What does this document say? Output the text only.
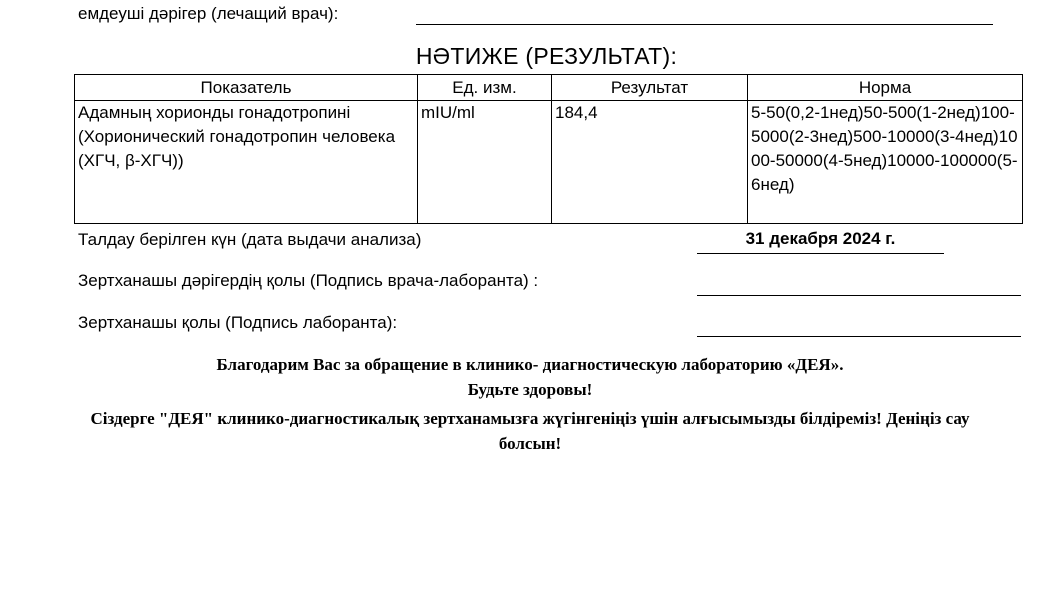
емдеуші дәрігер (лечащий врач):
НӘТИЖЕ (РЕЗУЛЬТАТ):
Показатель	Ед. изм.	Результат	Норма
Адамның хорионды гонадотропині (Хорионический гонадотропин человека (ХГЧ, β-ХГЧ))	mIU/ml	184,4	5-50(0,2-1нед)50-500(1-2нед)100-5000(2-3нед)500-10000(3-4нед)1000-50000(4-5нед)10000-100000(5-6нед)
Талдау берілген күн (дата выдачи анализа)	31 декабря 2024 г.
Зертханашы дәрігердің қолы (Подпись врача-лаборанта) :
Зертханашы қолы (Подпись лаборанта):
Благодарим Вас за обращение в клинико- диагностическую лабораторию «ДЕЯ».
Будьте здоровы!
Сіздерге "ДЕЯ" клинико-диагностикалық зертханамызға жүгінгеніңіз үшін алғысымызды білдіреміз! Деніңіз сау болсын!
